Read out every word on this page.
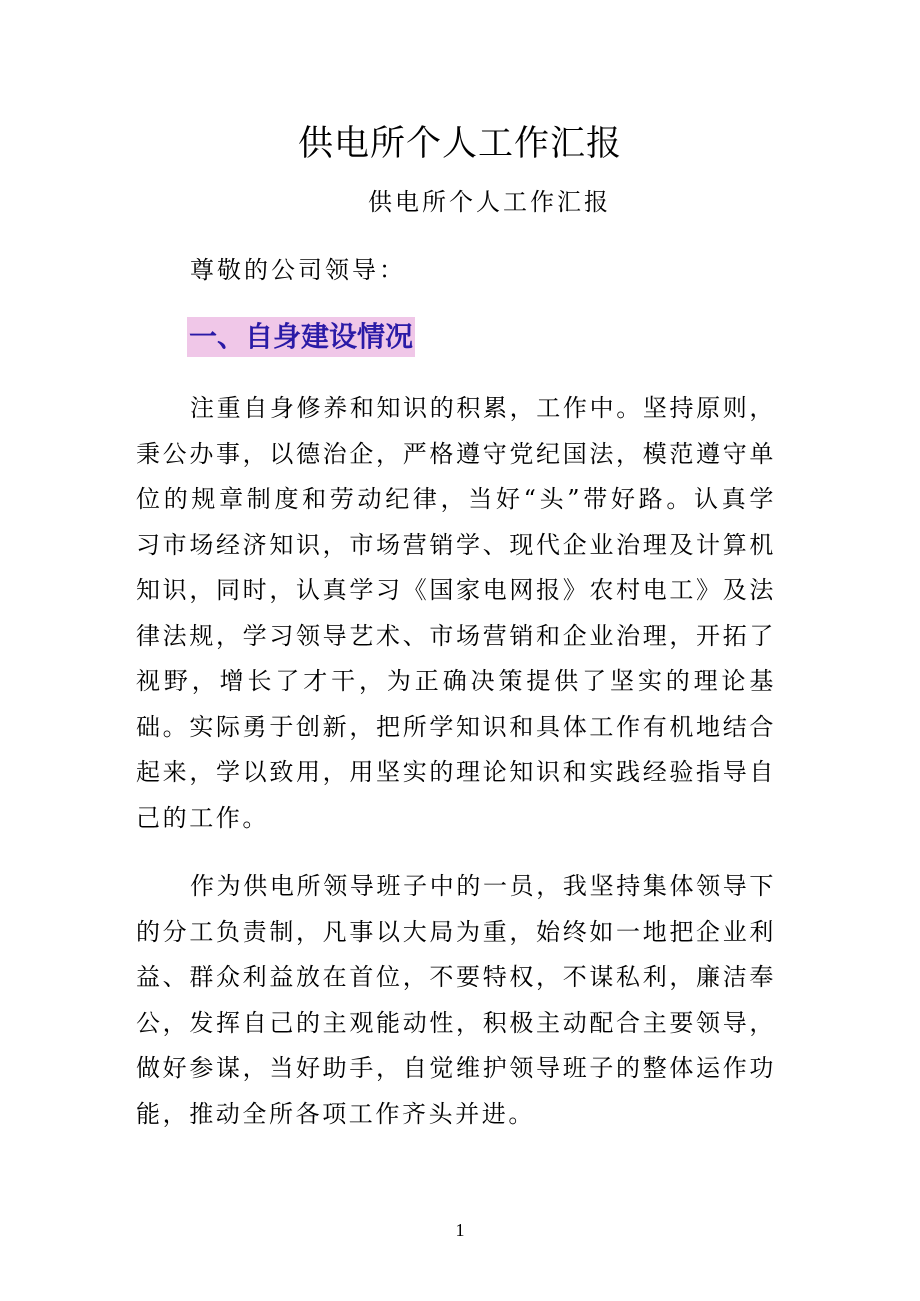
供电所个人工作汇报
供电所个人工作汇报
尊敬的公司领导：
一、自身建设情况

注重自身修养和知识的积累，工作中。坚持原则，秉公办事，以德治企，严格遵守党纪国法，模范遵守单位的规章制度和劳动纪律，当好“头”带好路。认真学习市场经济知识，市场营销学、现代企业治理及计算机知识，同时，认真学习《国家电网报》农村电工》及法律法规，学习领导艺术、市场营销和企业治理，开拓了视野，增长了才干，为正确决策提供了坚实的理论基础。实际勇于创新，把所学知识和具体工作有机地结合起来，学以致用，用坚实的理论知识和实践经验指导自己的工作。

作为供电所领导班子中的一员，我坚持集体领导下的分工负责制，凡事以大局为重，始终如一地把企业利益、群众利益放在首位，不要特权，不谋私利，廉洁奉公，发挥自己的主观能动性，积极主动配合主要领导，做好参谋，当好助手，自觉维护领导班子的整体运作功能，推动全所各项工作齐头并进。

1
